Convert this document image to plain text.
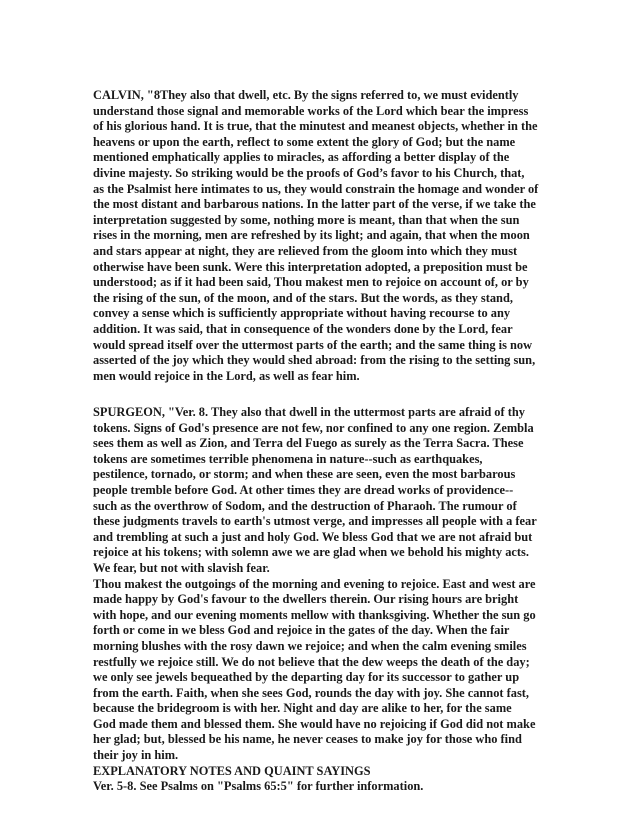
CALVIN, "8They also that dwell, etc. By the signs referred to, we must evidently
understand those signal and memorable works of the Lord which bear the impress
of his glorious hand. It is true, that the minutest and meanest objects, whether in the
heavens or upon the earth, reflect to some extent the glory of God; but the name
mentioned emphatically applies to miracles, as affording a better display of the
divine majesty. So striking would be the proofs of God’s favor to his Church, that,
as the Psalmist here intimates to us, they would constrain the homage and wonder of
the most distant and barbarous nations. In the latter part of the verse, if we take the
interpretation suggested by some, nothing more is meant, than that when the sun
rises in the morning, men are refreshed by its light; and again, that when the moon
and stars appear at night, they are relieved from the gloom into which they must
otherwise have been sunk. Were this interpretation adopted, a preposition must be
understood; as if it had been said, Thou makest men to rejoice on account of, or by
the rising of the sun, of the moon, and of the stars. But the words, as they stand,
convey a sense which is sufficiently appropriate without having recourse to any
addition. It was said, that in consequence of the wonders done by the Lord, fear
would spread itself over the uttermost parts of the earth; and the same thing is now
asserted of the joy which they would shed abroad: from the rising to the setting sun,
men would rejoice in the Lord, as well as fear him.
SPURGEON, "Ver. 8. They also that dwell in the uttermost parts are afraid of thy
tokens. Signs of God's presence are not few, nor confined to any one region. Zembla
sees them as well as Zion, and Terra del Fuego as surely as the Terra Sacra. These
tokens are sometimes terrible phenomena in nature--such as earthquakes,
pestilence, tornado, or storm; and when these are seen, even the most barbarous
people tremble before God. At other times they are dread works of providence--
such as the overthrow of Sodom, and the destruction of Pharaoh. The rumour of
these judgments travels to earth's utmost verge, and impresses all people with a fear
and trembling at such a just and holy God. We bless God that we are not afraid but
rejoice at his tokens; with solemn awe we are glad when we behold his mighty acts.
We fear, but not with slavish fear.
Thou makest the outgoings of the morning and evening to rejoice. East and west are
made happy by God's favour to the dwellers therein. Our rising hours are bright
with hope, and our evening moments mellow with thanksgiving. Whether the sun go
forth or come in we bless God and rejoice in the gates of the day. When the fair
morning blushes with the rosy dawn we rejoice; and when the calm evening smiles
restfully we rejoice still. We do not believe that the dew weeps the death of the day;
we only see jewels bequeathed by the departing day for its successor to gather up
from the earth. Faith, when she sees God, rounds the day with joy. She cannot fast,
because the bridegroom is with her. Night and day are alike to her, for the same
God made them and blessed them. She would have no rejoicing if God did not make
her glad; but, blessed be his name, he never ceases to make joy for those who find
their joy in him.
EXPLANATORY NOTES AND QUAINT SAYINGS
Ver. 5-8. See Psalms on "Psalms 65:5" for further information.
